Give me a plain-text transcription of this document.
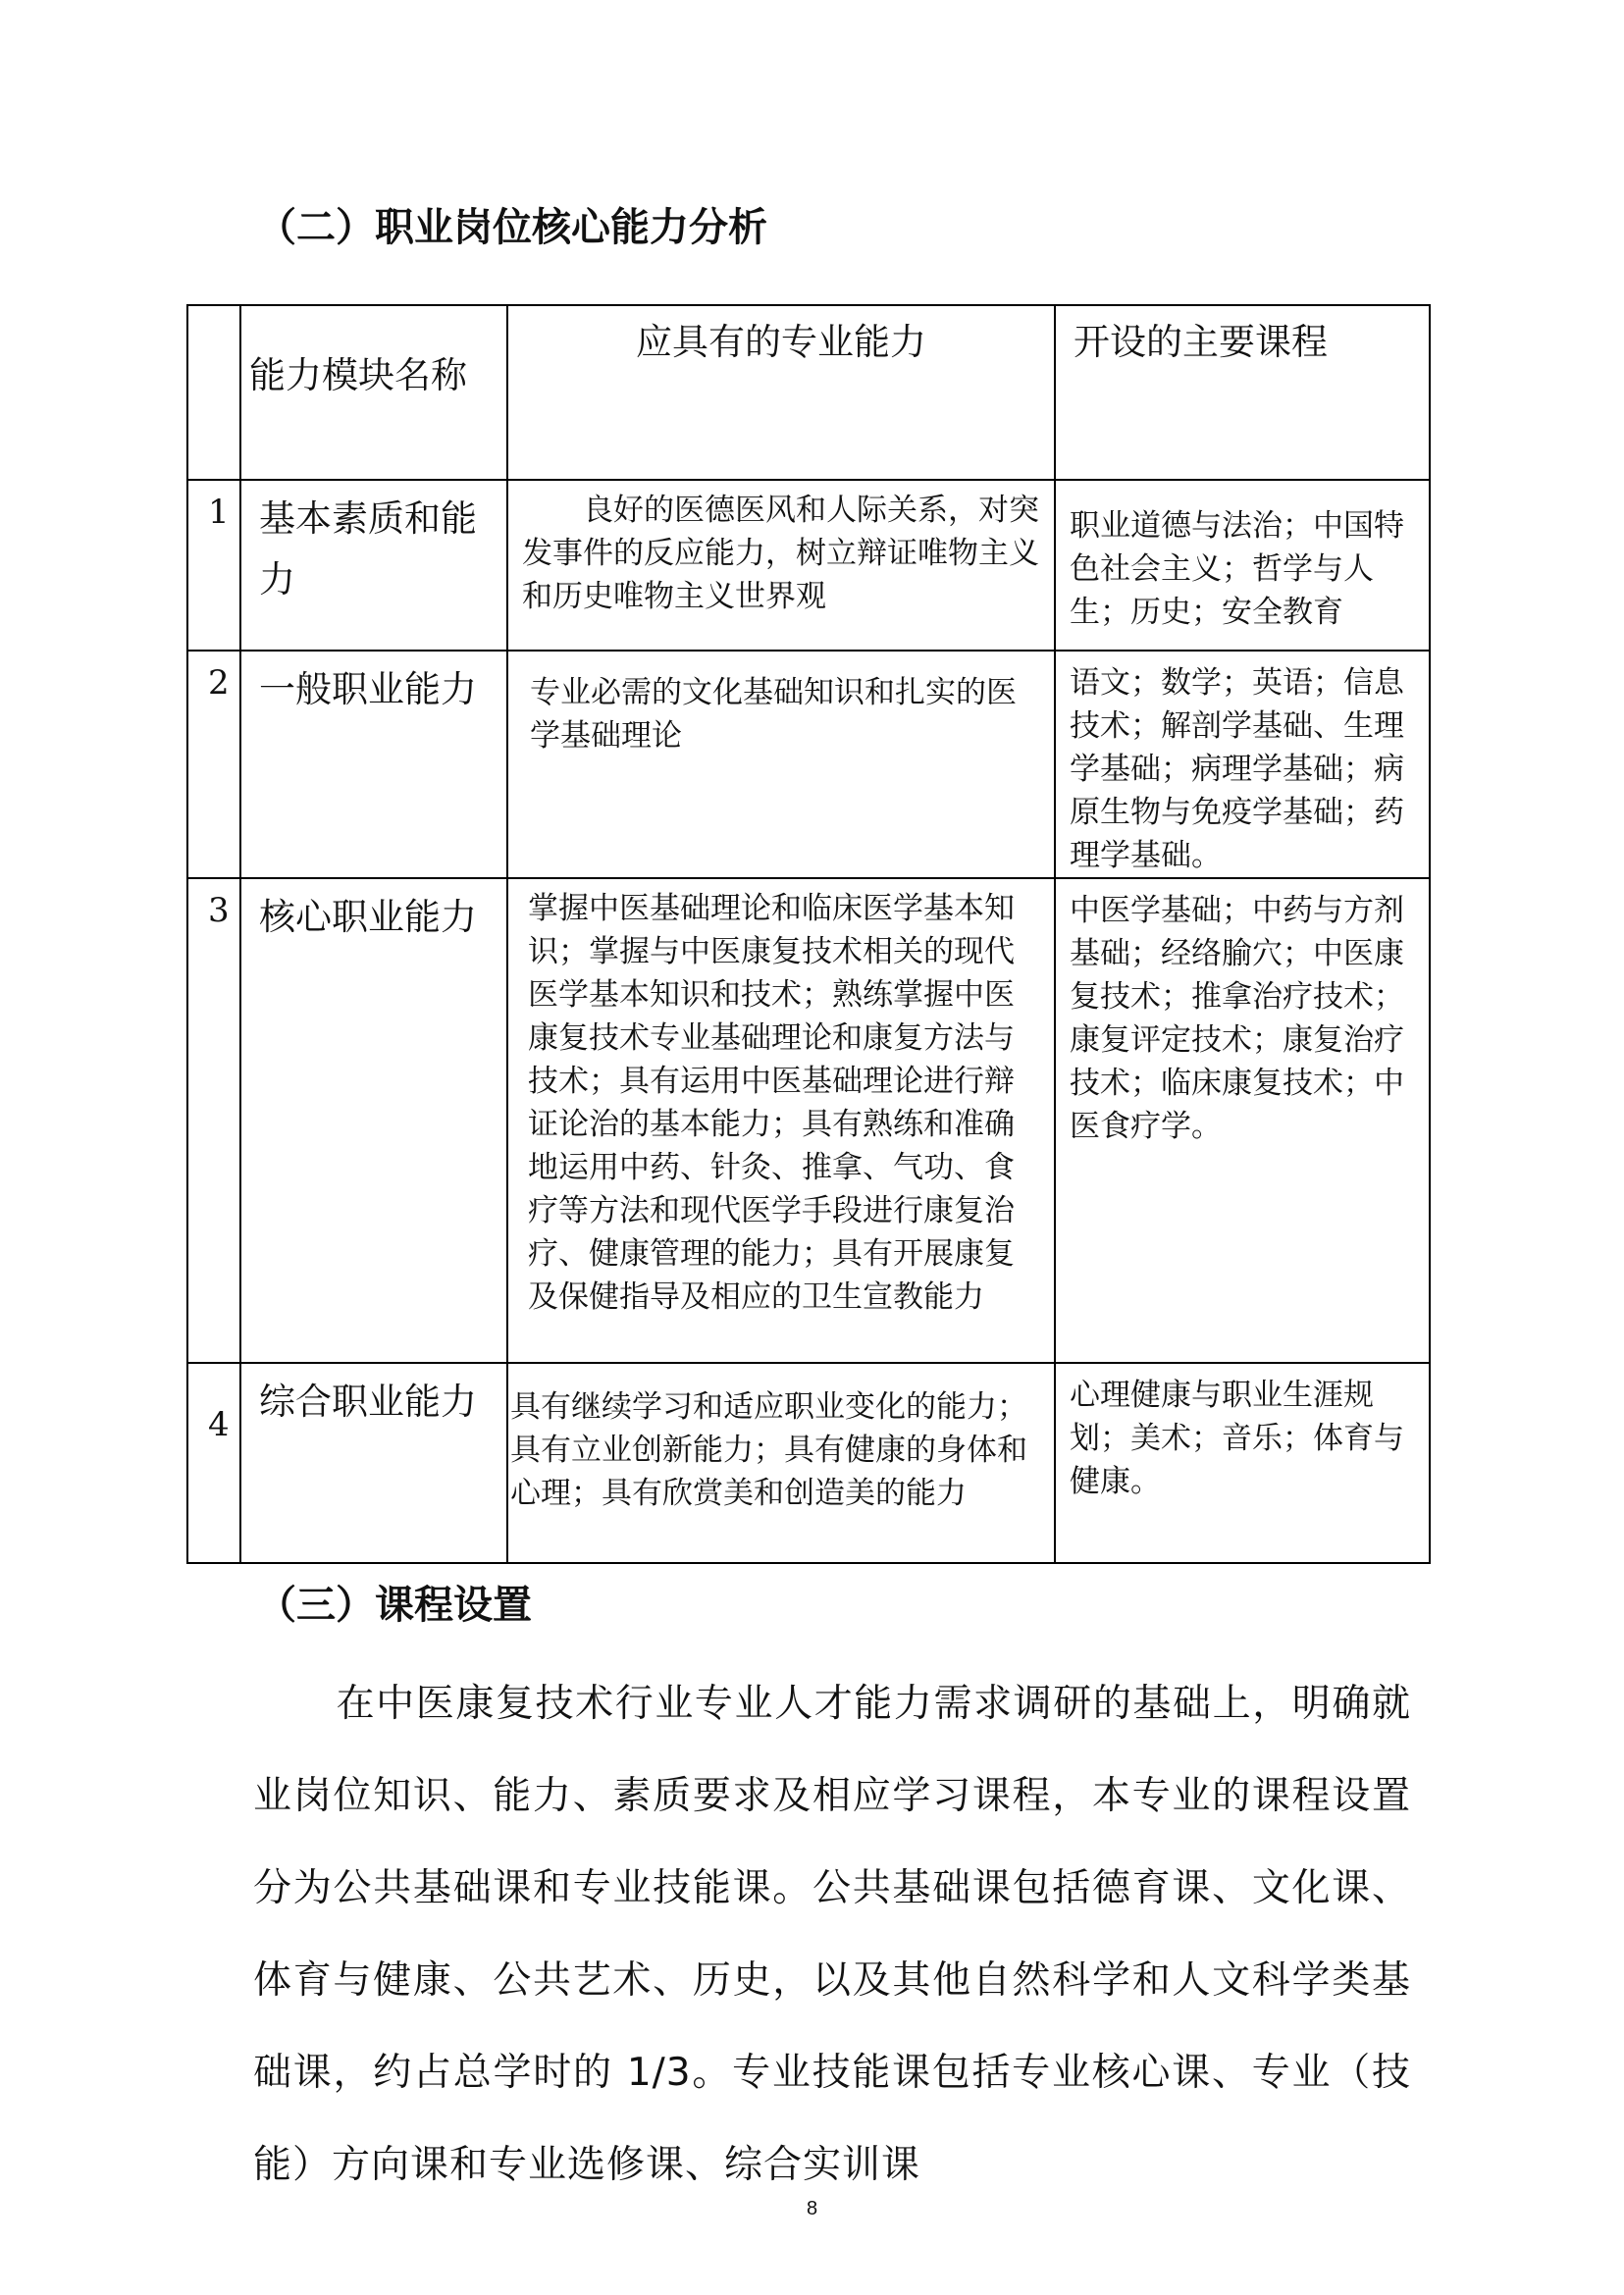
（二）职业岗位核心能力分析
	能力模块名称	应具有的专业能力	开设的主要课程
1	基本素质和能力	良好的医德医风和人际关系，对突发事件的反应能力，树立辩证唯物主义和历史唯物主义世界观	职业道德与法治；中国特色社会主义；哲学与人生；历史；安全教育
2	一般职业能力	专业必需的文化基础知识和扎实的医学基础理论	语文；数学；英语；信息技术；解剖学基础、生理学基础；病理学基础；病原生物与免疫学基础；药理学基础。
3	核心职业能力	掌握中医基础理论和临床医学基本知识；掌握与中医康复技术相关的现代医学基本知识和技术；熟练掌握中医康复技术专业基础理论和康复方法与技术；具有运用中医基础理论进行辩证论治的基本能力；具有熟练和准确地运用中药、针灸、推拿、气功、食疗等方法和现代医学手段进行康复治疗、健康管理的能力；具有开展康复及保健指导及相应的卫生宣教能力	中医学基础；中药与方剂基础；经络腧穴；中医康复技术；推拿治疗技术；康复评定技术；康复治疗技术；临床康复技术；中医食疗学。
4	综合职业能力	具有继续学习和适应职业变化的能力；具有立业创新能力；具有健康的身体和心理；具有欣赏美和创造美的能力	心理健康与职业生涯规划；美术；音乐；体育与健康。
（三）课程设置
在中医康复技术行业专业人才能力需求调研的基础上，明确就业岗位知识、能力、素质要求及相应学习课程，本专业的课程设置分为公共基础课和专业技能课。公共基础课包括德育课、文化课、体育与健康、公共艺术、历史，以及其他自然科学和人文科学类基础课，约占总学时的 1/3。专业技能课包括专业核心课、专业（技能）方向课和专业选修课、综合实训课
8
